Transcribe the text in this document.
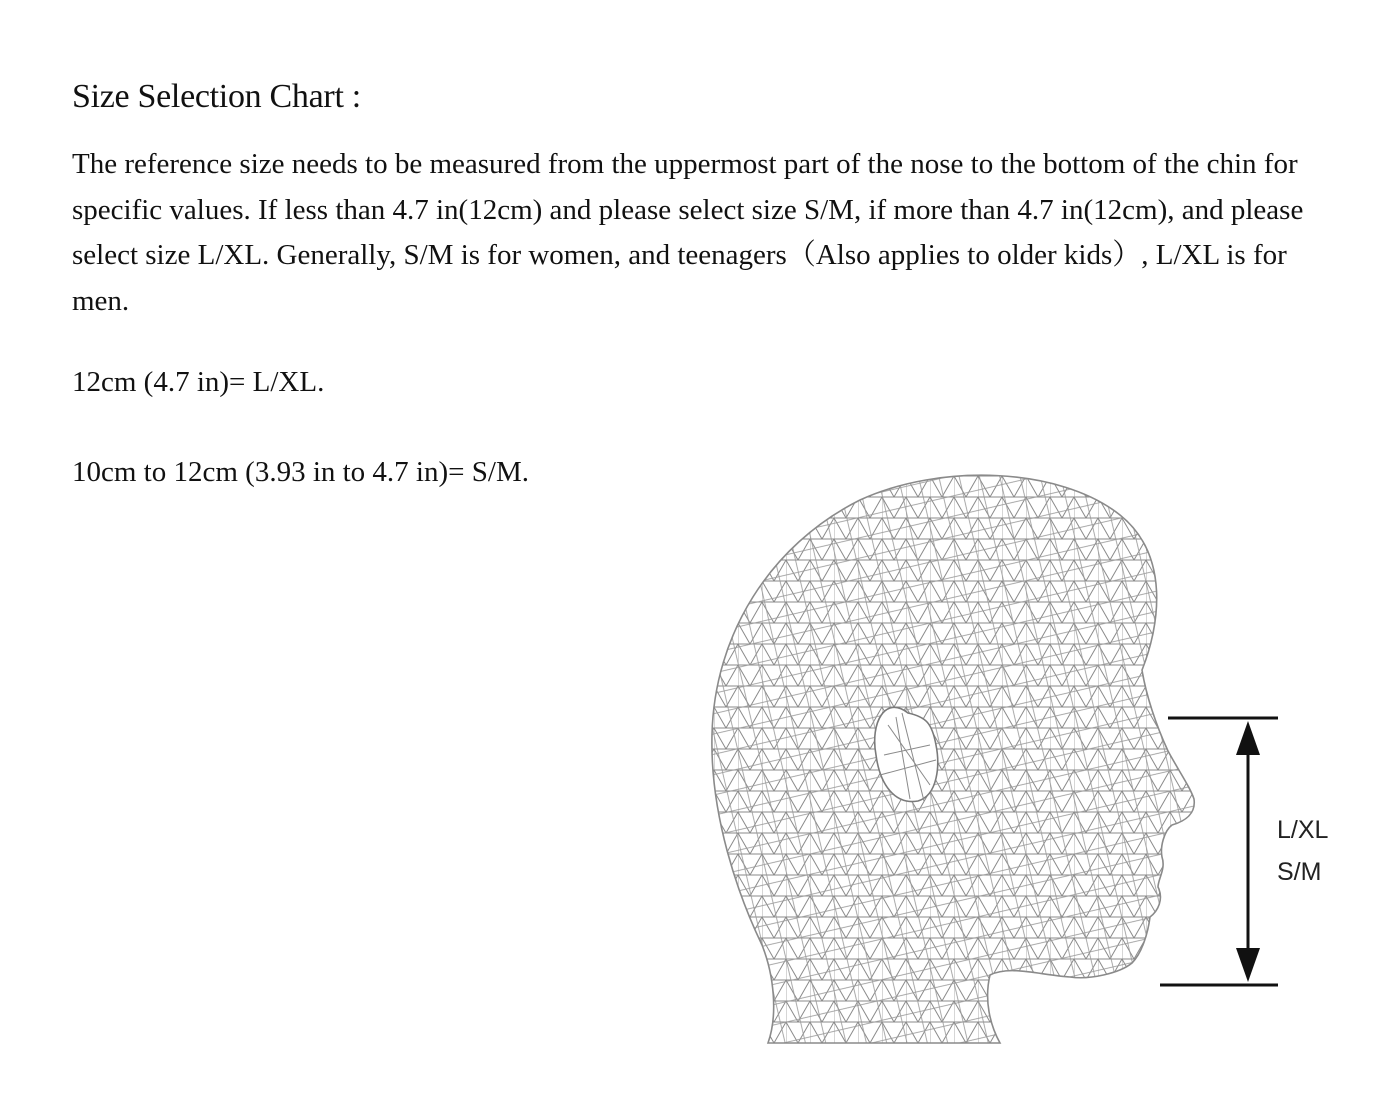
Size Selection Chart :

The reference size needs to be measured from the uppermost part of the nose to the bottom of the chin for specific values. If less than 4.7 in(12cm) and please select size S/M, if more than 4.7 in(12cm), and please select size L/XL. Generally, S/M is for women, and teenagers（Also applies to older kids）, L/XL is for men.

12cm (4.7 in)= L/XL.
10cm to 12cm (3.93 in to 4.7 in)= S/M.
L/XL
S/M
